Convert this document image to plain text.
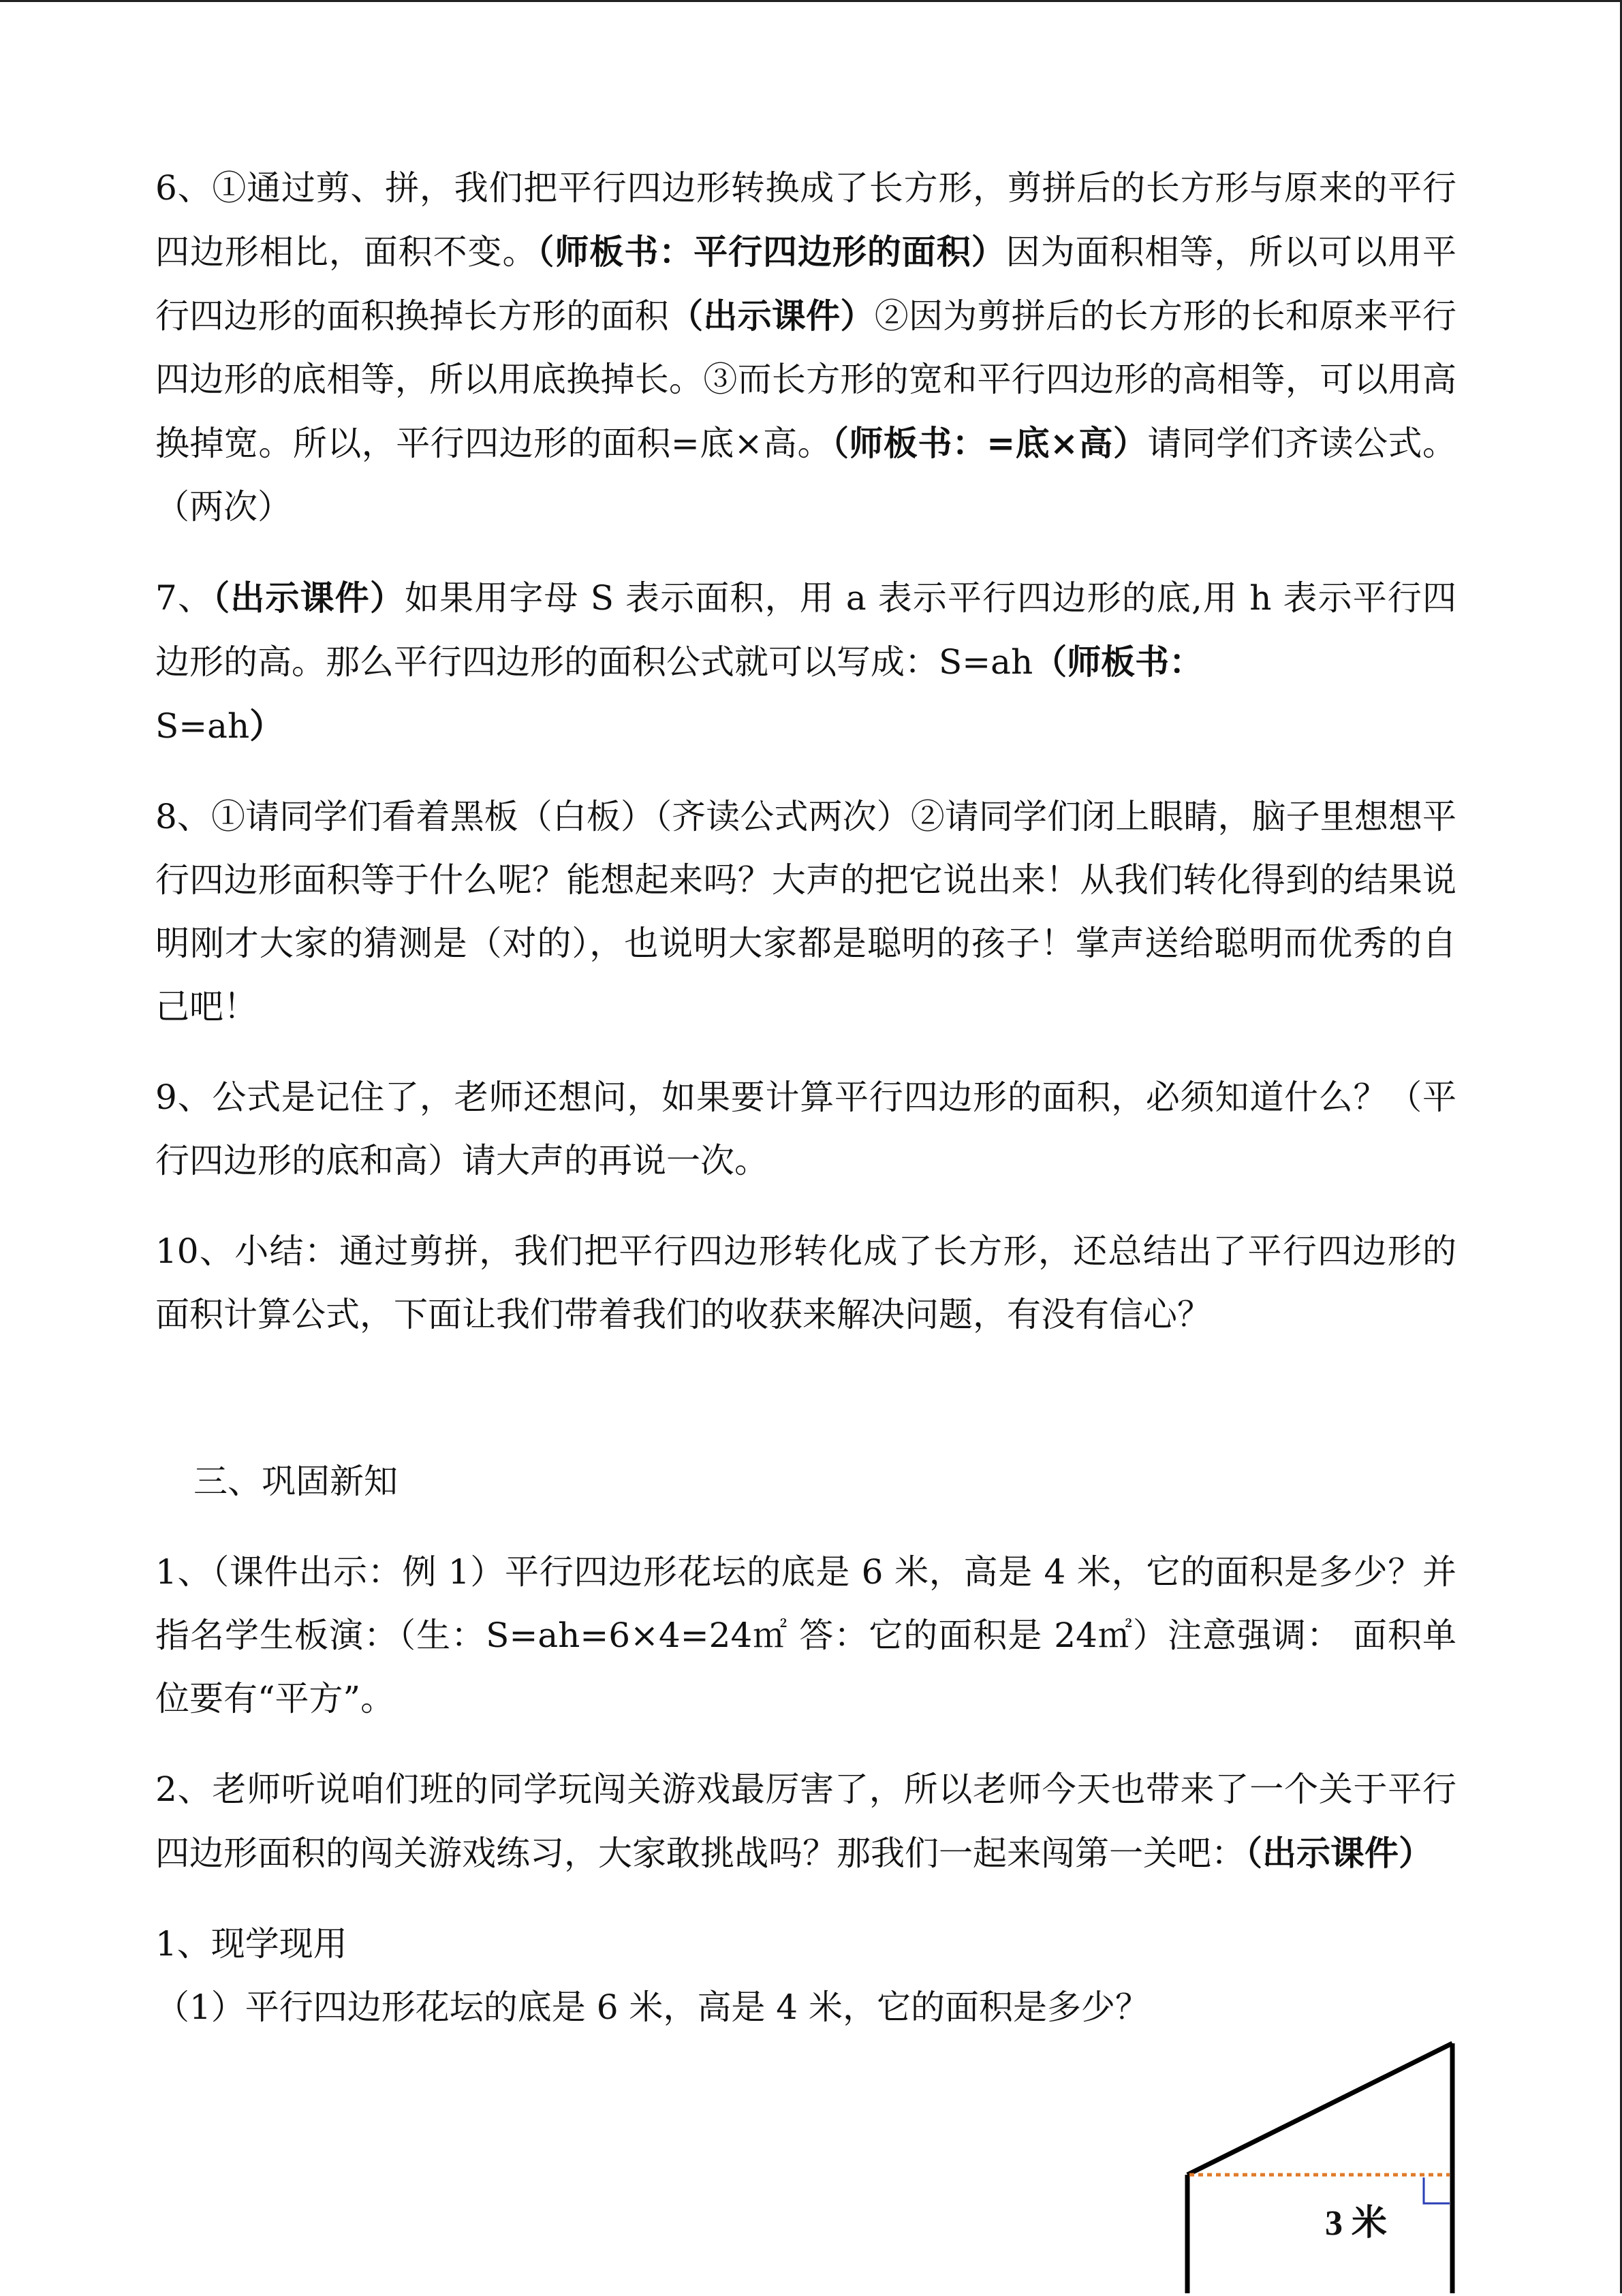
6、①通过剪、拼，我们把平行四边形转换成了长方形，剪拼后的长方形与原来的平行四边形相比，面积不变。（师板书：平行四边形的面积）因为面积相等，所以可以用平行四边形的面积换掉长方形的面积（出示课件）②因为剪拼后的长方形的长和原来平行四边形的底相等，所以用底换掉长。③而长方形的宽和平行四边形的高相等，可以用高换掉宽。所以，平行四边形的面积=底×高。（师板书：=底×高）请同学们齐读公式。（两次）

7、（出示课件）如果用字母 S 表示面积，用 a 表示平行四边形的底,用 h 表示平行四边形的高。那么平行四边形的面积公式就可以写成：S=ah（师板书：
S=ah）

8、①请同学们看着黑板（白板）（齐读公式两次）②请同学们闭上眼睛，脑子里想想平行四边形面积等于什么呢？能想起来吗？大声的把它说出来！从我们转化得到的结果说明刚才大家的猜测是（对的），也说明大家都是聪明的孩子！掌声送给聪明而优秀的自己吧！

9、公式是记住了，老师还想问，如果要计算平行四边形的面积，必须知道什么？（平行四边形的底和高）请大声的再说一次。

10、小结：通过剪拼，我们把平行四边形转化成了长方形，还总结出了平行四边形的面积计算公式，下面让我们带着我们的收获来解决问题，有没有信心？

三、巩固新知

1、（课件出示：例 1）平行四边形花坛的底是 6 米，高是 4 米，它的面积是多少？并指名学生板演：（生：S=ah=6×4=24㎡ 答：它的面积是 24㎡）注意强调： 面积单位要有“平方”。

2、老师听说咱们班的同学玩闯关游戏最厉害了，所以老师今天也带来了一个关于平行四边形面积的闯关游戏练习，大家敢挑战吗？那我们一起来闯第一关吧：（出示课件）

1、现学现用

（1）平行四边形花坛的底是 6 米，高是 4 米，它的面积是多少？

3 米
